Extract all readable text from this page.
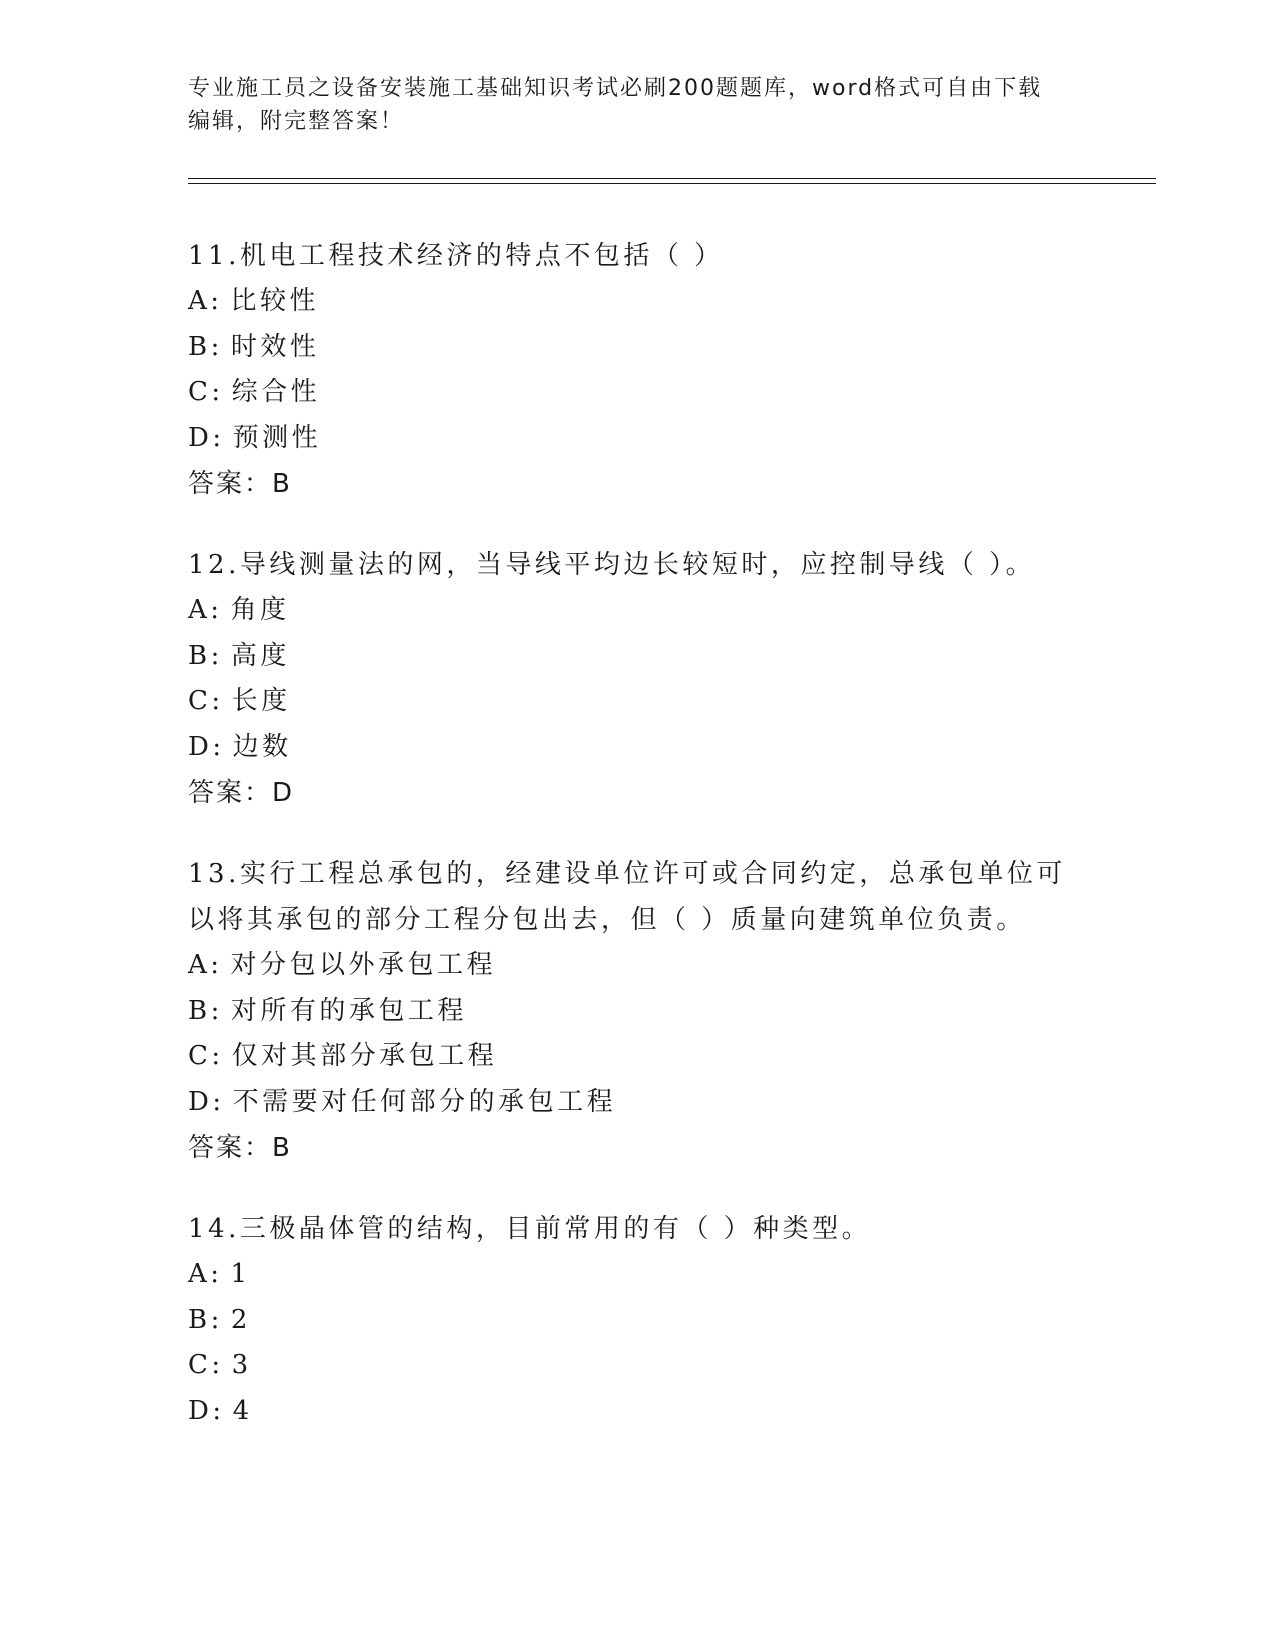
专业施工员之设备安装施工基础知识考试必刷200题题库，word格式可自由下载
编辑，附完整答案！
11.机电工程技术经济的特点不包括（ ）
A: 比较性
B: 时效性
C: 综合性
D: 预测性
答案：B
12.导线测量法的网，当导线平均边长较短时，应控制导线（ ）。
A: 角度
B: 高度
C: 长度
D: 边数
答案：D
13.实行工程总承包的，经建设单位许可或合同约定，总承包单位可以将其承包的部分工程分包出去，但（ ）质量向建筑单位负责。
A: 对分包以外承包工程
B: 对所有的承包工程
C: 仅对其部分承包工程
D: 不需要对任何部分的承包工程
答案：B
14.三极晶体管的结构，目前常用的有（ ）种类型。
A: 1
B: 2
C: 3
D: 4
